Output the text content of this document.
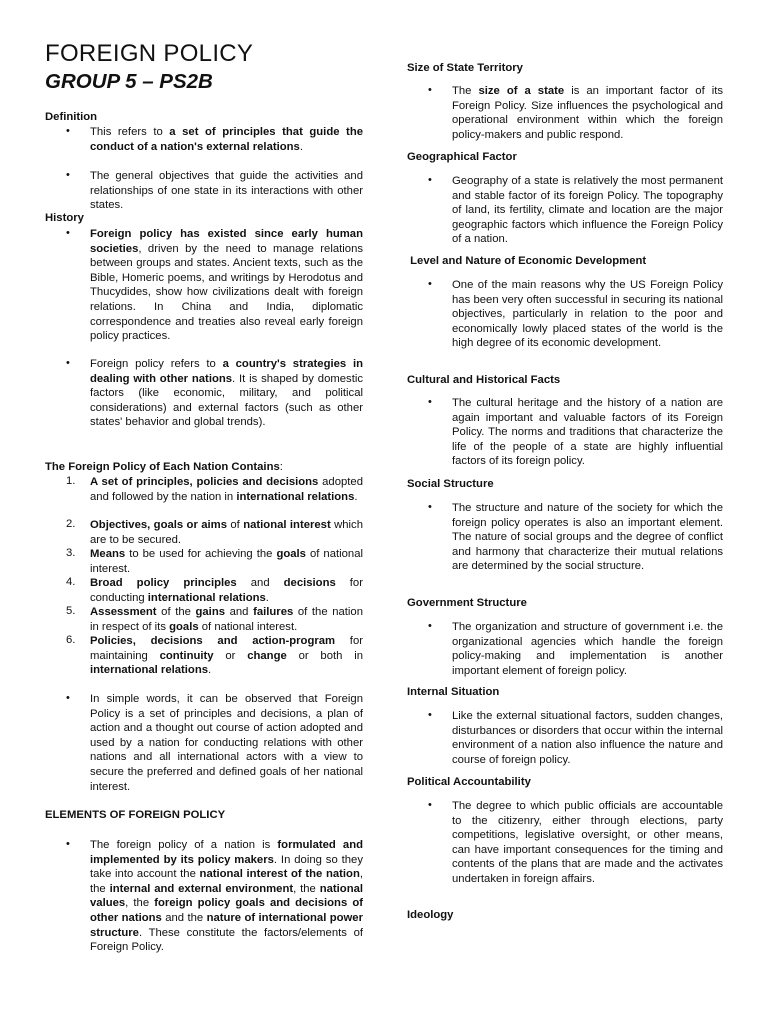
FOREIGN POLICY
GROUP 5 – PS2B
Definition
• This refers to a set of principles that guide the conduct of a nation's external relations.
• The general objectives that guide the activities and relationships of one state in its interactions with other states.
History
• Foreign policy has existed since early human societies, driven by the need to manage relations between groups and states. Ancient texts, such as the Bible, Homeric poems, and writings by Herodotus and Thucydides, show how civilizations dealt with foreign relations. In China and India, diplomatic correspondence and treaties also reveal early foreign policy practices.
• Foreign policy refers to a country's strategies in dealing with other nations. It is shaped by domestic factors (like economic, military, and political considerations) and external factors (such as other states' behavior and global trends).
The Foreign Policy of Each Nation Contains:
1. A set of principles, policies and decisions adopted and followed by the nation in international relations.
2. Objectives, goals or aims of national interest which are to be secured.
3. Means to be used for achieving the goals of national interest.
4. Broad policy principles and decisions for conducting international relations.
5. Assessment of the gains and failures of the nation in respect of its goals of national interest.
6. Policies, decisions and action-program for maintaining continuity or change or both in international relations.
• In simple words, it can be observed that Foreign Policy is a set of principles and decisions, a plan of action and a thought out course of action adopted and used by a nation for conducting relations with other nations and all international actors with a view to secure the preferred and defined goals of her national interest.
ELEMENTS OF FOREIGN POLICY
• The foreign policy of a nation is formulated and implemented by its policy makers. In doing so they take into account the national interest of the nation, the internal and external environment, the national values, the foreign policy goals and decisions of other nations and the nature of international power structure. These constitute the factors/elements of Foreign Policy.
Size of State Territory
• The size of a state is an important factor of its Foreign Policy. Size influences the psychological and operational environment within which the foreign policy-makers and public respond.
Geographical Factor
• Geography of a state is relatively the most permanent and stable factor of its foreign Policy. The topography of land, its fertility, climate and location are the major geographic factors which influence the Foreign Policy of a nation.
Level and Nature of Economic Development
• One of the main reasons why the US Foreign Policy has been very often successful in securing its national objectives, particularly in relation to the poor and economically lowly placed states of the world is the high degree of its economic development.
Cultural and Historical Facts
• The cultural heritage and the history of a nation are again important and valuable factors of its Foreign Policy. The norms and traditions that characterize the life of the people of a state are highly influential factors of its foreign policy.
Social Structure
• The structure and nature of the society for which the foreign policy operates is also an important element. The nature of social groups and the degree of conflict and harmony that characterize their mutual relations are determined by the social structure.
Government Structure
• The organization and structure of government i.e. the organizational agencies which handle the foreign policy-making and implementation is another important element of foreign policy.
Internal Situation
• Like the external situational factors, sudden changes, disturbances or disorders that occur within the internal environment of a nation also influence the nature and course of foreign policy.
Political Accountability
• The degree to which public officials are accountable to the citizenry, either through elections, party competitions, legislative oversight, or other means, can have important consequences for the timing and contents of the plans that are made and the activates undertaken in foreign affairs.
Ideology
